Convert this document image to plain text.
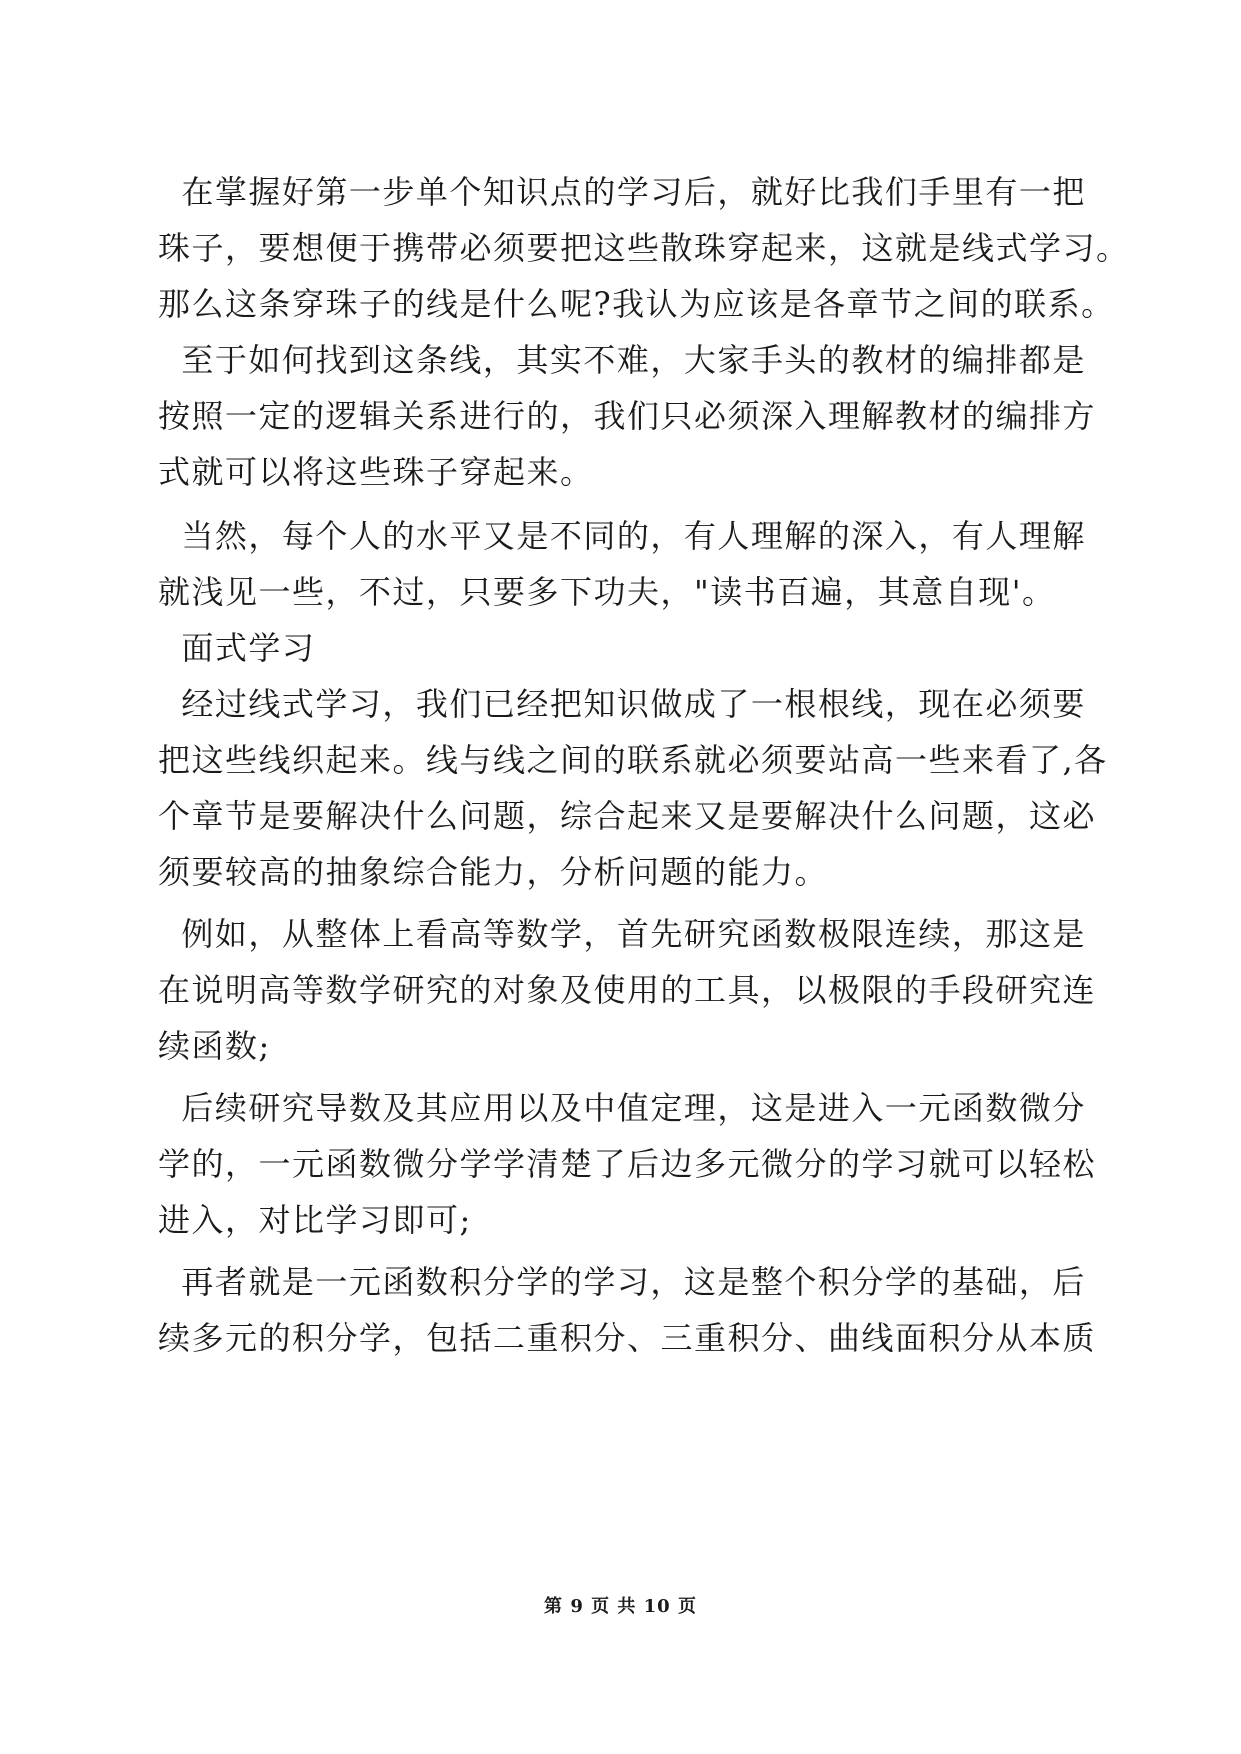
在掌握好第一步单个知识点的学习后，就好比我们手里有一把
珠子，要想便于携带必须要把这些散珠穿起来，这就是线式学习。
那么这条穿珠子的线是什么呢?我认为应该是各章节之间的联系。
至于如何找到这条线，其实不难，大家手头的教材的编排都是
按照一定的逻辑关系进行的，我们只必须深入理解教材的编排方
式就可以将这些珠子穿起来。
当然，每个人的水平又是不同的，有人理解的深入，有人理解
就浅见一些，不过，只要多下功夫，"读书百遍，其意自现'。
面式学习
经过线式学习，我们已经把知识做成了一根根线，现在必须要
把这些线织起来。线与线之间的联系就必须要站高一些来看了,各
个章节是要解决什么问题，综合起来又是要解决什么问题，这必
须要较高的抽象综合能力，分析问题的能力。
例如，从整体上看高等数学，首先研究函数极限连续，那这是
在说明高等数学研究的对象及使用的工具，以极限的手段研究连
续函数;
后续研究导数及其应用以及中值定理，这是进入一元函数微分
学的，一元函数微分学学清楚了后边多元微分的学习就可以轻松
进入，对比学习即可;
再者就是一元函数积分学的学习，这是整个积分学的基础，后
续多元的积分学，包括二重积分、三重积分、曲线面积分从本质
第 9 页 共 10 页
